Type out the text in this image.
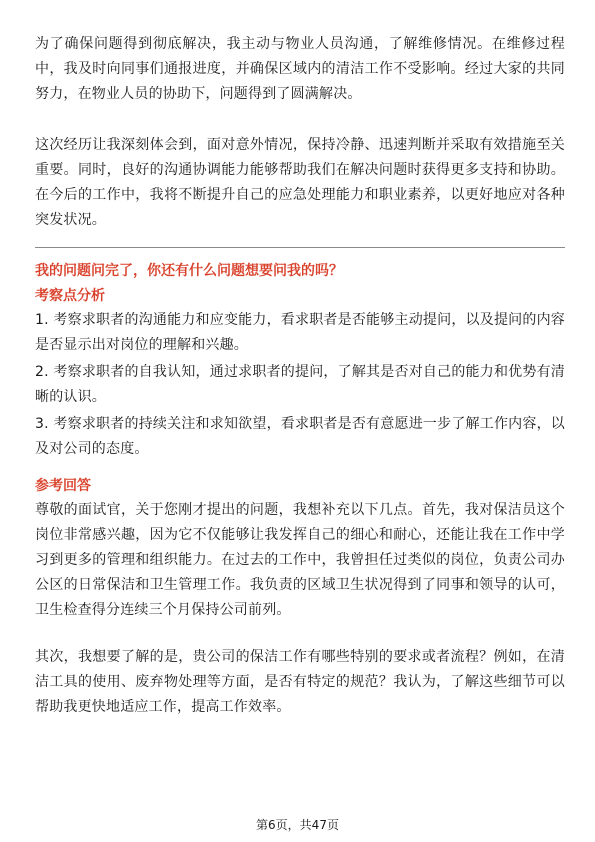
为了确保问题得到彻底解决，我主动与物业人员沟通，了解维修情况。在维修过程中，我及时向同事们通报进度，并确保区域内的清洁工作不受影响。经过大家的共同努力，在物业人员的协助下，问题得到了圆满解决。

这次经历让我深刻体会到，面对意外情况，保持冷静、迅速判断并采取有效措施至关重要。同时，良好的沟通协调能力能够帮助我们在解决问题时获得更多支持和协助。在今后的工作中，我将不断提升自己的应急处理能力和职业素养，以更好地应对各种突发状况。

我的问题问完了，你还有什么问题想要问我的吗？

考察点分析

1. 考察求职者的沟通能力和应变能力，看求职者是否能够主动提问，以及提问的内容是否显示出对岗位的理解和兴趣。

2. 考察求职者的自我认知，通过求职者的提问，了解其是否对自己的能力和优势有清晰的认识。

3. 考察求职者的持续关注和求知欲望，看求职者是否有意愿进一步了解工作内容，以及对公司的态度。

参考回答

尊敬的面试官，关于您刚才提出的问题，我想补充以下几点。首先，我对保洁员这个岗位非常感兴趣，因为它不仅能够让我发挥自己的细心和耐心，还能让我在工作中学习到更多的管理和组织能力。在过去的工作中，我曾担任过类似的岗位，负责公司办公区的日常保洁和卫生管理工作。我负责的区域卫生状况得到了同事和领导的认可，卫生检查得分连续三个月保持公司前列。

其次，我想要了解的是，贵公司的保洁工作有哪些特别的要求或者流程？例如，在清洁工具的使用、废弃物处理等方面，是否有特定的规范？我认为，了解这些细节可以帮助我更快地适应工作，提高工作效率。

第6页，共47页
